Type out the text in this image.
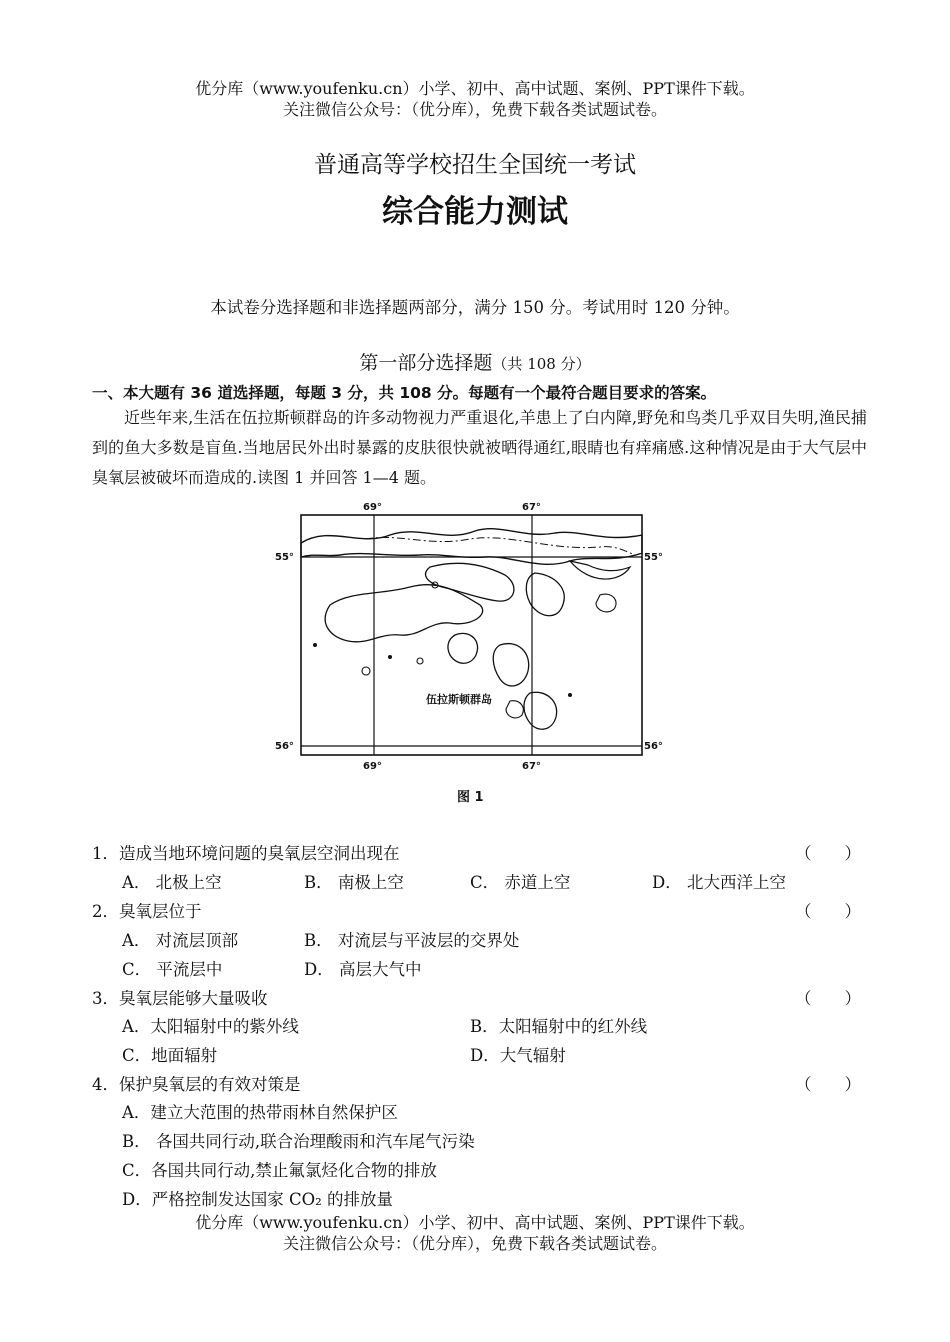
优分库（www.youfenku.cn）小学、初中、高中试题、案例、PPT课件下载。
关注微信公众号：（优分库），免费下载各类试题试卷。
普通高等学校招生全国统一考试
综合能力测试
本试卷分选择题和非选择题两部分，满分 150 分。考试用时 120 分钟。
第一部分选择题（共 108 分）
一、本大题有 36 道选择题，每题 3 分，共 108 分。每题有一个最符合题目要求的答案。
近些年来,生活在伍拉斯顿群岛的许多动物视力严重退化,羊患上了白内障,野免和鸟类几乎双目失明,渔民捕到的鱼大多数是盲鱼.当地居民外出时暴露的皮肤很快就被晒得通红,眼睛也有痒痛感.这种情况是由于大气层中臭氧层被破坏而造成的.读图 1 并回答 1—4 题。
69°	67°
69°	67°
55°	55°
56°	56°
伍拉斯顿群岛
图 1
1．造成当地环境问题的臭氧层空洞出现在	（　　）
A． 北极上空	B． 南极上空	C． 赤道上空	D． 北大西洋上空
2．臭氧层位于	（　　）
A． 对流层顶部	B． 对流层与平波层的交界处
C． 平流层中	D． 高层大气中
3．臭氧层能够大量吸收	（　　）
A．太阳辐射中的紫外线	B．太阳辐射中的红外线
C．地面辐射	D．大气辐射
4．保护臭氧层的有效对策是	（　　）
A．建立大范围的热带雨林自然保护区
B． 各国共同行动,联合治理酸雨和汽车尾气污染
C．各国共同行动,禁止氟氯烃化合物的排放
D．严格控制发达国家 CO₂ 的排放量
优分库（www.youfenku.cn）小学、初中、高中试题、案例、PPT课件下载。
关注微信公众号：（优分库），免费下载各类试题试卷。
